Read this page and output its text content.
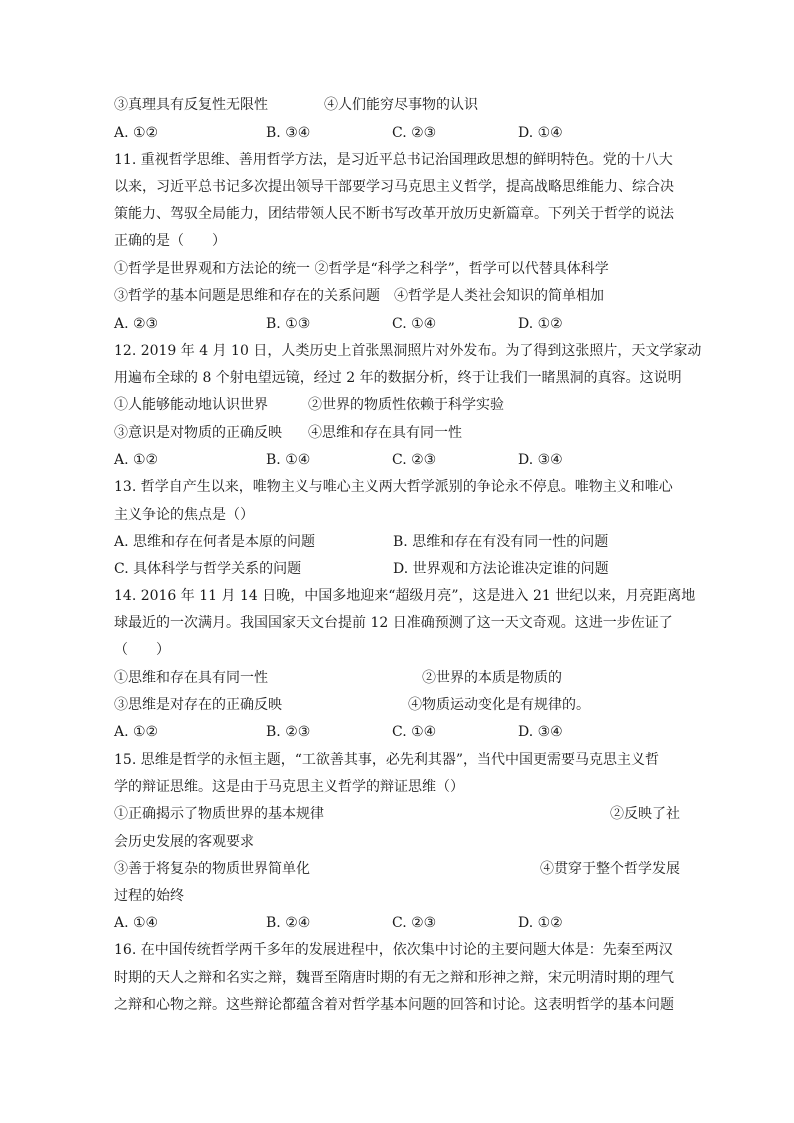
③真理具有反复性无限性	④人们能穷尽事物的认识
A. ①②	B. ③④	C. ②③	D. ①④
11. 重视哲学思维、善用哲学方法，是习近平总书记治国理政思想的鲜明特色。党的十八大
以来，习近平总书记多次提出领导干部要学习马克思主义哲学，提高战略思维能力、综合决
策能力、驾驭全局能力，团结带领人民不断书写改革开放历史新篇章。下列关于哲学的说法
正确的是（　　）
①哲学是世界观和方法论的统一 ②哲学是“科学之科学”，哲学可以代替具体科学
③哲学的基本问题是思维和存在的关系问题　④哲学是人类社会知识的简单相加
A. ②③	B. ①③	C. ①④	D. ①②
12. 2019 年 4 月 10 日，人类历史上首张黑洞照片对外发布。为了得到这张照片，天文学家动
用遍布全球的 8 个射电望远镜，经过 2 年的数据分析，终于让我们一睹黑洞的真容。这说明
①人能够能动地认识世界	②世界的物质性依赖于科学实验
③意识是对物质的正确反映 ④思维和存在具有同一性
A. ①②	B. ①④	C. ②③	D. ③④
13. 哲学自产生以来，唯物主义与唯心主义两大哲学派别的争论永不停息。唯物主义和唯心
主义争论的焦点是（）
A. 思维和存在何者是本原的问题	B. 思维和存在有没有同一性的问题
C. 具体科学与哲学关系的问题	D. 世界观和方法论谁决定谁的问题
14. 2016 年 11 月 14 日晚，中国多地迎来“超级月亮”，这是进入 21 世纪以来，月亮距离地
球最近的一次满月。我国国家天文台提前 12 日准确预测了这一天文奇观。这进一步佐证了
（　　）
①思维和存在具有同一性	②世界的本质是物质的
③思维是对存在的正确反映	④物质运动变化是有规律的。
A. ①②	B. ②③	C. ①④	D. ③④
15. 思维是哲学的永恒主题，“工欲善其事，必先利其器”，当代中国更需要马克思主义哲
学的辩证思维。这是由于马克思主义哲学的辩证思维（）
①正确揭示了物质世界的基本规律	②反映了社
会历史发展的客观要求
③善于将复杂的物质世界简单化	④贯穿于整个哲学发展
过程的始终
A. ①④	B. ②④	C. ②③	D. ①②
16. 在中国传统哲学两千多年的发展进程中，依次集中讨论的主要问题大体是：先秦至两汉
时期的天人之辩和名实之辩，魏晋至隋唐时期的有无之辩和形神之辩，宋元明清时期的理气
之辩和心物之辩。这些辩论都蕴含着对哲学基本问题的回答和讨论。这表明哲学的基本问题
